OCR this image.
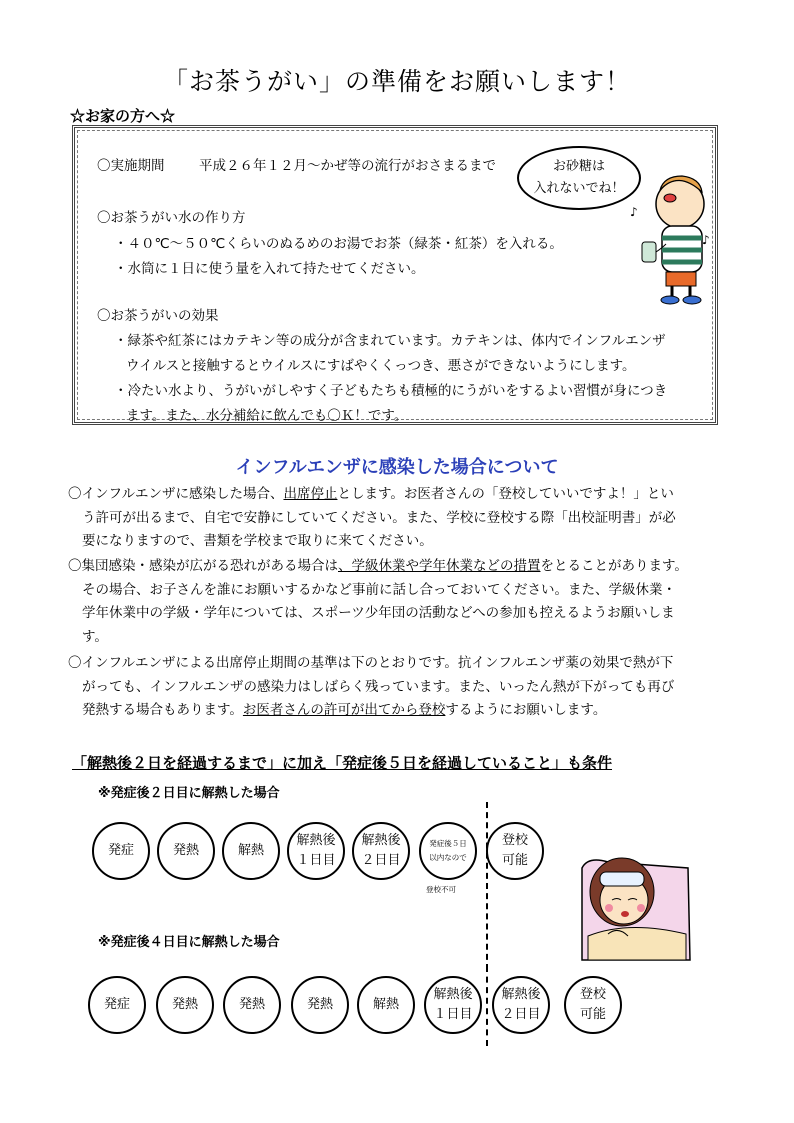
「お茶うがい」の準備をお願いします！
☆お家の方へ☆
〇実施期間	平成２６年１２月～かぜ等の流行がおさまるまで	お砂糖は
入れないでね！
〇お茶うがい水の作り方
・４０℃～５０℃くらいのぬるめのお湯でお茶（緑茶・紅茶）を入れる。
・水筒に１日に使う量を入れて持たせてください。
〇お茶うがいの効果
・緑茶や紅茶にはカテキン等の成分が含まれています。カテキンは、体内でインフルエンザ
ウイルスと接触するとウイルスにすばやくくっつき、悪さができないようにします。
・冷たい水より、うがいがしやすく子どもたちも積極的にうがいをするよい習慣が身につき
ます。また、水分補給に飲んでも〇Ｋ！です。
♪
♪
インフルエンザに感染した場合について
〇インフルエンザに感染した場合、出席停止とします。お医者さんの「登校していいですよ！」とい
う許可が出るまで、自宅で安静にしていてください。また、学校に登校する際「出校証明書」が必
要になりますので、書類を学校まで取りに来てください。
〇集団感染・感染が広がる恐れがある場合は、学級休業や学年休業などの措置をとることがあります。
その場合、お子さんを誰にお願いするかなど事前に話し合っておいてください。また、学級休業・
学年休業中の学級・学年については、スポーツ少年団の活動などへの参加も控えるようお願いしま
す。
〇インフルエンザによる出席停止期間の基準は下のとおりです。抗インフルエンザ薬の効果で熱が下
がっても、インフルエンザの感染力はしばらく残っています。また、いったん熱が下がっても再び
発熱する場合もあります。お医者さんの許可が出てから登校するようにお願いします。
「解熱後２日を経過するまで」に加え「発症後５日を経過していること」も条件
※発症後２日目に解熱した場合
発症	発熱	解熱
解熱後
１日目
解熱後
２日目
発症後５日
以内なので
登校不可
登校
可能
※発症後４日目に解熱した場合
発症	発熱	発熱	発熱	解熱
解熱後
１日目
解熱後
２日目
登校
可能
